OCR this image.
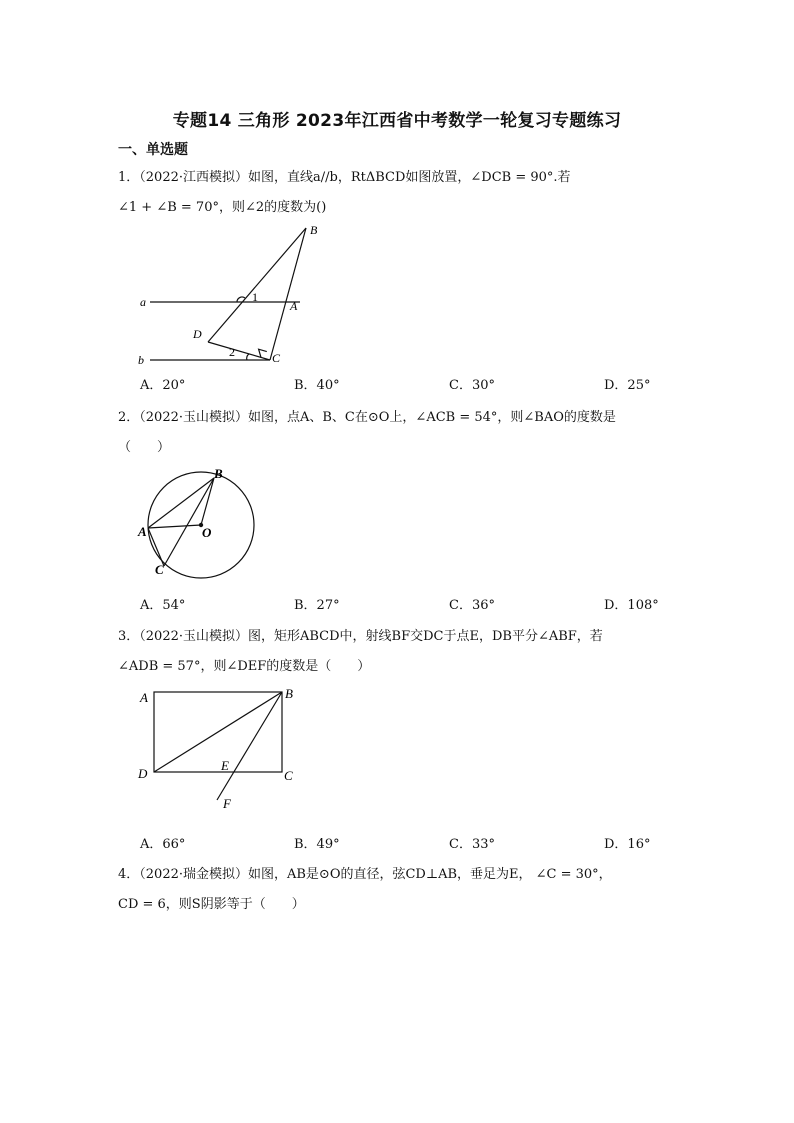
专题14 三角形 2023年江西省中考数学一轮复习专题练习
一、单选题
1．（2022·江西模拟）如图，直线a//b，RtΔBCD如图放置，∠DCB = 90°.若
∠1 + ∠B = 70°，则∠2的度数为()
a
b
B
A
D
C
1
2
A．20°	B．40°	C．30°	D．25°
2．（2022·玉山模拟）如图，点A、B、C在⊙O上，∠ACB = 54°，则∠BAO的度数是
（　　）
B
A	O
C
A．54°	B．27°	C．36°	D．108°
3．（2022·玉山模拟）图，矩形ABCD中，射线BF交DC于点E，DB平分∠ABF，若
∠ADB = 57°，则∠DEF的度数是（　　）
A	B
C
D
E
F
A．66°	B．49°	C．33°	D．16°
4．（2022·瑞金模拟）如图，AB是⊙O的直径，弦CD⊥AB，垂足为E， ∠C = 30°，
CD = 6，则S阴影等于（　　）
